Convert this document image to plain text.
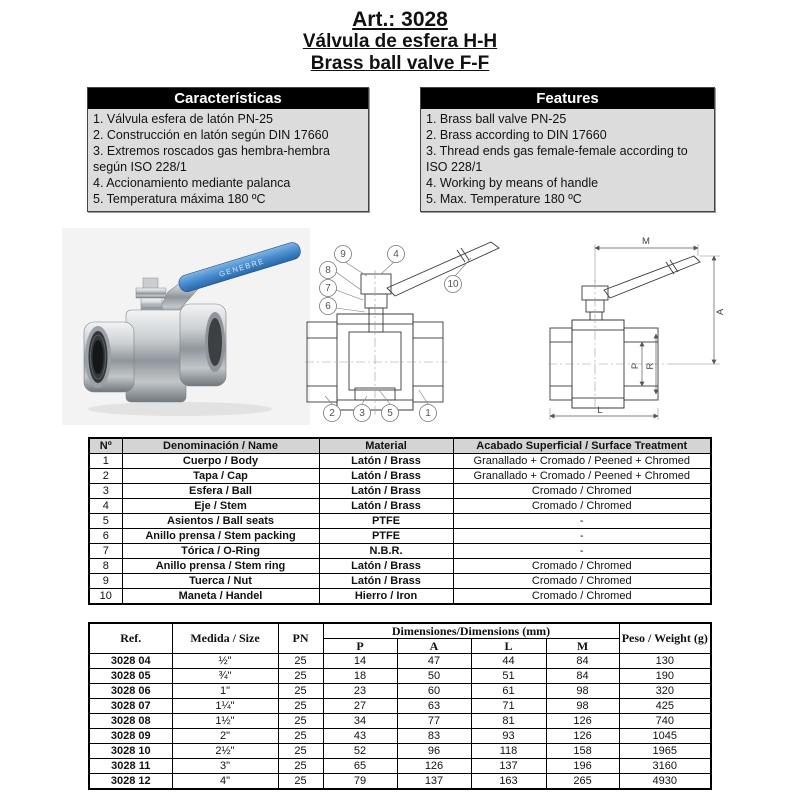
Art.: 3028
Válvula de esfera H-H
Brass ball valve F-F
Características
1. Válvula esfera de latón PN-25
2. Construcción en latón según DIN 17660
3. Extremos roscados gas hembra-hembra según ISO 228/1
4. Accionamiento mediante palanca
5. Temperatura máxima 180 ºC
Features
1. Brass ball valve PN-25
2. Brass according to DIN 17660
3. Thread ends gas female-female according to ISO 228/1
4. Working by means of handle
5. Max. Temperature 180 ºC
GENEBRE
9	4
8
7
6
10
2 3 5	1
M
A
P R
L
Nº	Denominación / Name	Material	Acabado Superficial / Surface Treatment
1	Cuerpo / Body	Latón / Brass	Granallado + Cromado / Peened + Chromed
2	Tapa / Cap	Latón / Brass	Granallado + Cromado / Peened + Chromed
3	Esfera / Ball	Latón / Brass	Cromado / Chromed
4	Eje / Stem	Latón / Brass	Cromado / Chromed
5	Asientos / Ball seats	PTFE	-
6	Anillo prensa / Stem packing	PTFE	-
7	Tórica / O-Ring	N.B.R.	-
8	Anillo prensa / Stem ring	Latón / Brass	Cromado / Chromed
9	Tuerca / Nut	Latón / Brass	Cromado / Chromed
10	Maneta / Handel	Hierro / Iron	Cromado / Chromed
Ref.	Medida / Size	PN	Dimensiones/Dimensions (mm)				Peso / Weight (g)
			P	A	L	M	
3028 04	½"	25	14	47	44	84	130
3028 05	¾"	25	18	50	51	84	190
3028 06	1"	25	23	60	61	98	320
3028 07	1¼"	25	27	63	71	98	425
3028 08	1½"	25	34	77	81	126	740
3028 09	2"	25	43	83	93	126	1045
3028 10	2½"	25	52	96	118	158	1965
3028 11	3"	25	65	126	137	196	3160
3028 12	4"	25	79	137	163	265	4930
